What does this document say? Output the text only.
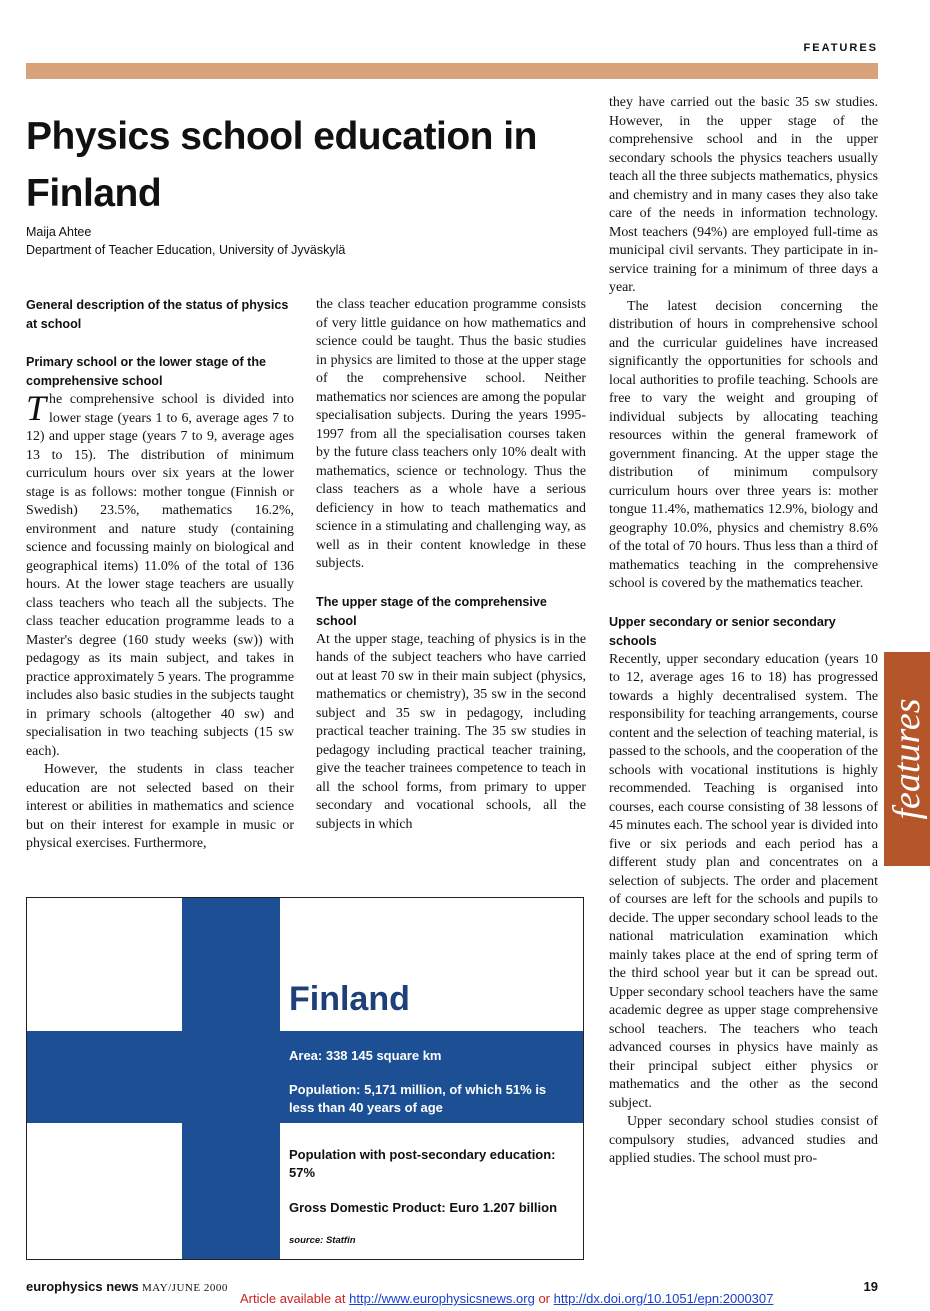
FEATURES
Physics school education in Finland
Maija Ahtee
Department of Teacher Education, University of Jyväskylä
General description of the status of physics at school
Primary school or the lower stage of the comprehensive school

The comprehensive school is divided into lower stage (years 1 to 6, average ages 7 to 12) and upper stage (years 7 to 9, average ages 13 to 15). The distribution of minimum curriculum hours over six years at the lower stage is as follows: mother tongue (Finnish or Swedish) 23.5%, mathematics 16.2%, environment and nature study (containing science and focussing mainly on biological and geographical items) 11.0% of the total of 136 hours. At the lower stage teachers are usually class teachers who teach all the subjects. The class teacher education programme leads to a Master's degree (160 study weeks (sw)) with pedagogy as its main subject, and takes in practice approximately 5 years. The programme includes also basic studies in the subjects taught in primary schools (altogether 40 sw) and specialisation in two teaching subjects (15 sw each).

However, the students in class teacher education are not selected based on their interest or abilities in mathematics and science but on their interest for example in music or physical exercises. Furthermore,

the class teacher education programme consists of very little guidance on how mathematics and science could be taught. Thus the basic studies in physics are limited to those at the upper stage of the comprehensive school. Neither mathematics nor sciences are among the popular specialisation subjects. During the years 1995-1997 from all the specialisation courses taken by the future class teachers only 10% dealt with mathematics, science or technology. Thus the class teachers as a whole have a serious deficiency in how to teach mathematics and science in a stimulating and challenging way, as well as in their content knowledge in these subjects.

The upper stage of the comprehensive school

At the upper stage, teaching of physics is in the hands of the subject teachers who have carried out at least 70 sw in their main subject (physics, mathematics or chemistry), 35 sw in the second subject and 35 sw in pedagogy, including practical teacher training. The 35 sw studies in pedagogy including practical teacher training, give the teacher trainees competence to teach in all the school forms, from primary to upper secondary and vocational schools, all the subjects in which

they have carried out the basic 35 sw studies. However, in the upper stage of the comprehensive school and in the upper secondary schools the physics teachers usually teach all the three subjects mathematics, physics and chemistry and in many cases they also take care of the needs in information technology. Most teachers (94%) are employed full-time as municipal civil servants. They participate in in-service training for a minimum of three days a year.

The latest decision concerning the distribution of hours in comprehensive school and the curricular guidelines have increased significantly the opportunities for schools and local authorities to profile teaching. Schools are free to vary the weight and grouping of individual subjects by allocating teaching resources within the general framework of government financing. At the upper stage the distribution of minimum compulsory curriculum hours over three years is: mother tongue 11.4%, mathematics 12.9%, biology and geography 10.0%, physics and chemistry 8.6% of the total of 70 hours. Thus less than a third of mathematics teaching in the comprehensive school is covered by the mathematics teacher.

Upper secondary or senior secondary schools

Recently, upper secondary education (years 10 to 12, average ages 16 to 18) has progressed towards a highly decentralised system. The responsibility for teaching arrangements, course content and the selection of teaching material, is passed to the schools, and the cooperation of the schools with vocational institutions is highly recommended. Teaching is organised into courses, each course consisting of 38 lessons of 45 minutes each. The school year is divided into five or six periods and each period has a different study plan and concentrates on a selection of subjects. The order and placement of courses are left for the schools and pupils to decide. The upper secondary school leads to the national matriculation examination which mainly takes place at the end of spring term of the third school year but it can be spread out. Upper secondary school teachers have the same academic degree as upper stage comprehensive school teachers. The teachers who teach advanced courses in physics have mainly as their principal subject either physics or mathematics and the other as the second subject.

Upper secondary school studies consist of compulsory studies, advanced studies and applied studies. The school must pro-

Finland
Area: 338 145 square km
Population: 5,171 million, of which 51% is less than 40 years of age
Population with post-secondary education: 57%
Gross Domestic Product: Euro 1.207 billion
source: Statfin
features
europhysics news MAY/JUNE 2000	19
Article available at http://www.europhysicsnews.org or http://dx.doi.org/10.1051/epn:2000307
